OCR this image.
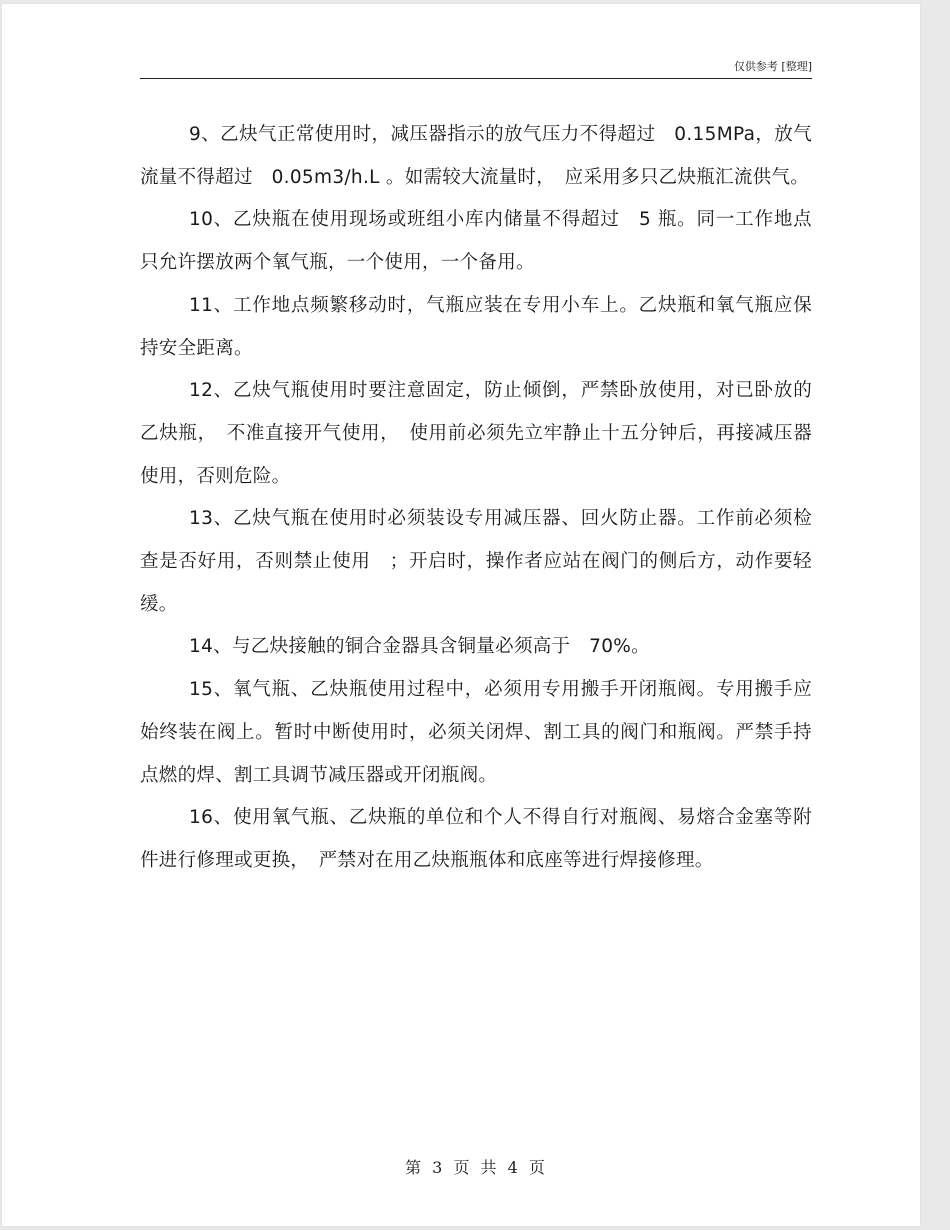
仅供参考 [整理]

9、乙炔气正常使用时，减压器指示的放气压力不得超过　0.15MPa，放气流量不得超过　0.05m3/h.L 。如需较大流量时，　应采用多只乙炔瓶汇流供气。

10、乙炔瓶在使用现场或班组小库内储量不得超过　5 瓶。同一工作地点只允许摆放两个氧气瓶，一个使用，一个备用。

11、工作地点频繁移动时，气瓶应装在专用小车上。乙炔瓶和氧气瓶应保持安全距离。

12、乙炔气瓶使用时要注意固定，防止倾倒，严禁卧放使用，对已卧放的乙炔瓶，　不准直接开气使用，　使用前必须先立牢静止十五分钟后，再接减压器使用，否则危险。

13、乙炔气瓶在使用时必须装设专用减压器、回火防止器。工作前必须检查是否好用，否则禁止使用　；开启时，操作者应站在阀门的侧后方，动作要轻缓。

14、与乙炔接触的铜合金器具含铜量必须高于　70%。

15、氧气瓶、乙炔瓶使用过程中，必须用专用搬手开闭瓶阀。专用搬手应始终装在阀上。暂时中断使用时，必须关闭焊、割工具的阀门和瓶阀。严禁手持点燃的焊、割工具调节减压器或开闭瓶阀。

16、使用氧气瓶、乙炔瓶的单位和个人不得自行对瓶阀、易熔合金塞等附件进行修理或更换，　严禁对在用乙炔瓶瓶体和底座等进行焊接修理。

第 3 页 共 4 页
